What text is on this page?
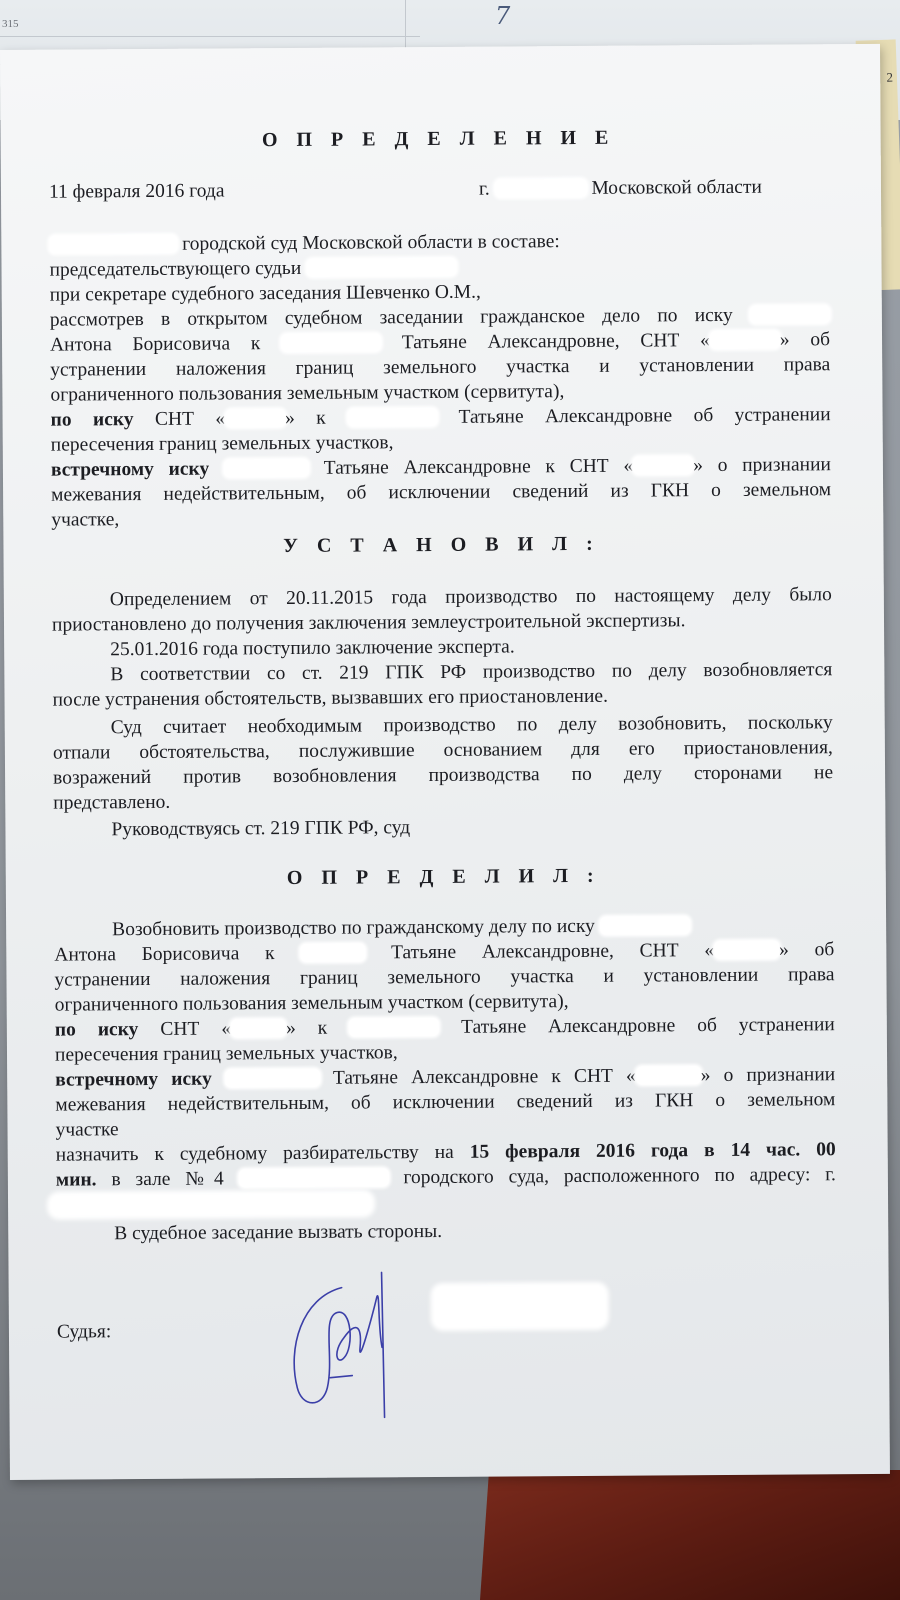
315	7
2
О П Р Е Д Е Л Е Н И Е
11 февраля 2016 года	г.	Московской области
городской суд Московской области в составе:
председательствующего судьи
при секретаре судебного заседания Шевченко О.М.,
рассмотрев в открытом судебном заседании гражданское дело по иску
Антона Борисовича к	Татьяне Александровне, СНТ «	» об
устранении наложения границ земельного участка и установлении права
ограниченного пользования земельным участком (сервитута),
по иску СНТ «	» к	Татьяне Александровне об устранении
пересечения границ земельных участков,
встречному иску	Татьяне Александровне к СНТ «	» о признании
межевания недействительным, об исключении сведений из ГКН о земельном
участке,
У С Т А Н О В И Л :
Определением от 20.11.2015 года производство по настоящему делу было
приостановлено до получения заключения землеустроительной экспертизы.
25.01.2016 года поступило заключение эксперта.
В соответствии со ст. 219 ГПК РФ производство по делу возобновляется
после устранения обстоятельств, вызвавших его приостановление.
Суд считает необходимым производство по делу возобновить, поскольку
отпали обстоятельства, послужившие основанием для его приостановления,
возражений против возобновления производства по делу сторонами не
представлено.
Руководствуясь ст. 219 ГПК РФ, суд
О П Р Е Д Е Л И Л :
Возобновить производство по гражданскому делу по иску
Антона Борисовича к	Татьяне Александровне, СНТ «	» об
устранении наложения границ земельного участка и установлении права
ограниченного пользования земельным участком (сервитута),
по иску СНТ «	» к	Татьяне Александровне об устранении
пересечения границ земельных участков,
встречному иску	Татьяне Александровне к СНТ «	» о признании
межевания недействительным, об исключении сведений из ГКН о земельном
участке
назначить к судебному разбирательству на 15 февраля 2016 года в 14 час. 00
мин. в зале №4	городского суда, расположенного по адресу: г.
В судебное заседание вызвать стороны.
Судья:
